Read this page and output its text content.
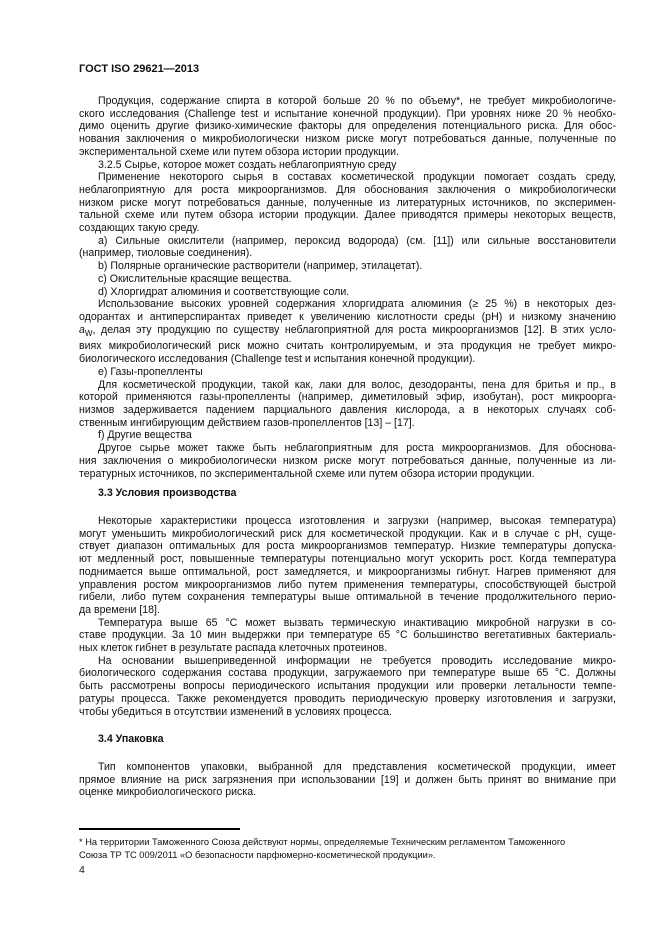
ГОСТ ISO 29621—2013
Продукция, содержание спирта в которой больше 20 % по объему*, не требует микробиологиче-
ского исследования (Challenge test и испытание конечной продукции). При уровнях ниже 20 % необхо-
димо оценить другие физико-химические факторы для определения потенциального риска. Для обос-
нования заключения о микробиологически низком риске могут потребоваться данные, полученные по
экспериментальной схеме или путем обзора истории продукции.
3.2.5 Сырье, которое может создать неблагоприятную среду
Применение некоторого сырья в составах косметической продукции помогает создать среду,
неблагоприятную для роста микроорганизмов. Для обоснования заключения о микробиологически
низком риске могут потребоваться данные, полученные из литературных источников, по эксперимен-
тальной схеме или путем обзора истории продукции. Далее приводятся примеры некоторых веществ,
создающих такую среду.
a) Сильные окислители (например, пероксид водорода) (см. [11]) или сильные восстановители
(например, тиоловые соединения).
b) Полярные органические растворители (например, этилацетат).
c) Окислительные красящие вещества.
d) Хлоргидрат алюминия и соответствующие соли.
Использование высоких уровней содержания хлоргидрата алюминия (≥ 25 %) в некоторых дез-
одорантах и антиперспирантах приведет к увеличению кислотности среды (pH) и низкому значению
$a_W$, делая эту продукцию по существу неблагоприятной для роста микроорганизмов [12]. В этих усло-
виях микробиологический риск можно считать контролируемым, и эта продукция не требует микро-
биологического исследования (Challenge test и испытания конечной продукции).
e) Газы-пропелленты
Для косметической продукции, такой как, лаки для волос, дезодоранты, пена для бритья и пр., в
которой применяются газы-пропелленты (например, диметиловый эфир, изобутан), рост микроорга-
низмов задерживается падением парциального давления кислорода, а в некоторых случаях соб-
ственным ингибирующим действием газов-пропеллентов [13] – [17].
f) Другие вещества
Другое сырье может также быть неблагоприятным для роста микроорганизмов. Для обоснова-
ния заключения о микробиологически низком риске могут потребоваться данные, полученные из ли-
тературных источников, по экспериментальной схеме или путем обзора истории продукции.
3.3 Условия производства
Некоторые характеристики процесса изготовления и загрузки (например, высокая температура)
могут уменьшить микробиологический риск для косметической продукции. Как и в случае с pH, суще-
ствует диапазон оптимальных для роста микроорганизмов температур. Низкие температуры допуска-
ют медленный рост, повышенные температуры потенциально могут ускорить рост. Когда температура
поднимается выше оптимальной, рост замедляется, и микроорганизмы гибнут. Нагрев применяют для
управления ростом микроорганизмов либо путем применения температуры, способствующей быстрой
гибели, либо путем сохранения температуры выше оптимальной в течение продолжительного перио-
да времени [18].
Температура выше 65 °C может вызвать термическую инактивацию микробной нагрузки в со-
ставе продукции. За 10 мин выдержки при температуре 65 °C большинство вегетативных бактериаль-
ных клеток гибнет в результате распада клеточных протеинов.
На основании вышеприведенной информации не требуется проводить исследование микро-
биологического содержания состава продукции, загружаемого при температуре выше 65 °C. Должны
быть рассмотрены вопросы периодического испытания продукции или проверки летальности темпе-
ратуры процесса. Также рекомендуется проводить периодическую проверку изготовления и загрузки,
чтобы убедиться в отсутствии изменений в условиях процесса.
3.4 Упаковка
Тип компонентов упаковки, выбранной для представления косметической продукции, имеет
прямое влияние на риск загрязнения при использовании [19] и должен быть принят во внимание при
оценке микробиологического риска.
* На территории Таможенного Союза действуют нормы, определяемые Техническим регламентом Таможенного
Союза ТР ТС 009/2011 «О безопасности парфюмерно-косметической продукции».
4
